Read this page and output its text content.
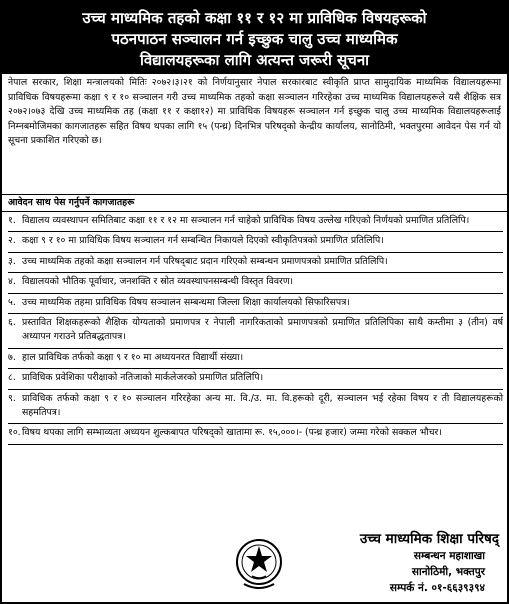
उच्च माध्यमिक तहको कक्षा ११ र १२ मा प्राविधिक विषयहरूको
पठनपाठन सञ्चालन गर्न इच्छुक चालु उच्च माध्यमिक
विद्यालयहरूका लागि अत्यन्त जरूरी सूचना

नेपाल सरकार, शिक्षा मन्त्रालयको मितिः २०७२।३।२१ को निर्णयानुसार नेपाल सरकारबाट स्वीकृति प्राप्त सामुदायिक माध्यमिक विद्यालयहरूमा प्राविधिक विषयहरूमा कक्षा ९ र १० सञ्चालन गरी उच्च माध्यमिक तहको कक्षा सञ्चालन गरिरहेका उच्च माध्यमिक विद्यालयहरूले यसै शैक्षिक सत्र २०७२।०७३ देखि उच्च माध्यमिक तह (कक्षा ११ र कक्षा१२) मा प्राविधिक विषयहरू सञ्चालन गर्न इच्छुक चालु उच्च माध्यमिक विद्यालयहरूलाई निम्नबमोजिमका कागजातहरू सहित विषय थपका लागि १५ (पन्ध्र) दिनभित्र परिषद्‌को केन्द्रीय कार्यालय, सानोठिमी, भक्तपुरमा आवेदन पेस गर्न यो सूचना प्रकाशित गरिएको छ।

आवेदन साथ पेस गर्नुपर्ने कागजातहरू
१. विद्यालय व्यवस्थापन समितिबाट कक्षा ११ र १२ मा सञ्चालन गर्न चाहेको प्राविधिक विषय उल्लेख गरिएको निर्णयको प्रमाणित प्रतिलिपि।
२. कक्षा ९ र १० मा प्राविधिक विषय सञ्चालन गर्न सम्बन्धित निकायले दिएको स्वीकृतिपत्रको प्रमाणित प्रतिलिपि।
३. उच्च माध्यमिक तहको कक्षा सञ्चालन गर्न परिषद्‌बाट प्रदान गरिएको सम्बन्धन प्रमाणपत्रको प्रमाणित प्रतिलिपि।
४. विद्यालयको भौतिक पूर्वाधार, जनशक्ति र स्रोत व्यवस्थापनसम्बन्धी विस्तृत विवरण।
५. उच्च माध्यमिक तहमा प्राविधिक विषय सञ्चालन सम्बन्धमा जिल्ला शिक्षा कार्यालयको सिफारिसपत्र।
६. प्रस्तावित शिक्षकहरूको शैक्षिक योग्यताको प्रमाणपत्र र नेपाली नागरिकताको प्रमाणपत्रको प्रमाणित प्रतिलिपिका साथै कम्तीमा ३ (तीन) वर्ष अध्यापन गराउने प्रतिबद्धतापत्र।
७. हाल प्राविधिक तर्फको कक्षा ९ र १० मा अध्ययनरत विद्यार्थी संख्या।
८. प्राविधिक प्रवेशिका परीक्षाको नतिजाको मार्कलेजरको प्रमाणित प्रतिलिपि।
९. प्राविधिक तर्फको कक्षा ९ र १० सञ्चालन गरिरहेका अन्य मा. वि./उ. मा. वि.हरूको दूरी, सञ्चालन भई रहेका विषय र ती विद्यालयहरूको सहमतिपत्र।
१०. विषय थपका लागि सम्भाव्यता अध्ययन शुल्कबापत परिषद्‌को खातामा रू. १५,०००।- (पन्ध्र हजार) जम्मा गरेको सक्कल भौचर।
उच्च माध्यमिक शिक्षा परिषद्
सम्बन्धन महाशाखा
सानोठिमी, भक्तपुर
सम्पर्क नं. ०१-६६३९३९४
